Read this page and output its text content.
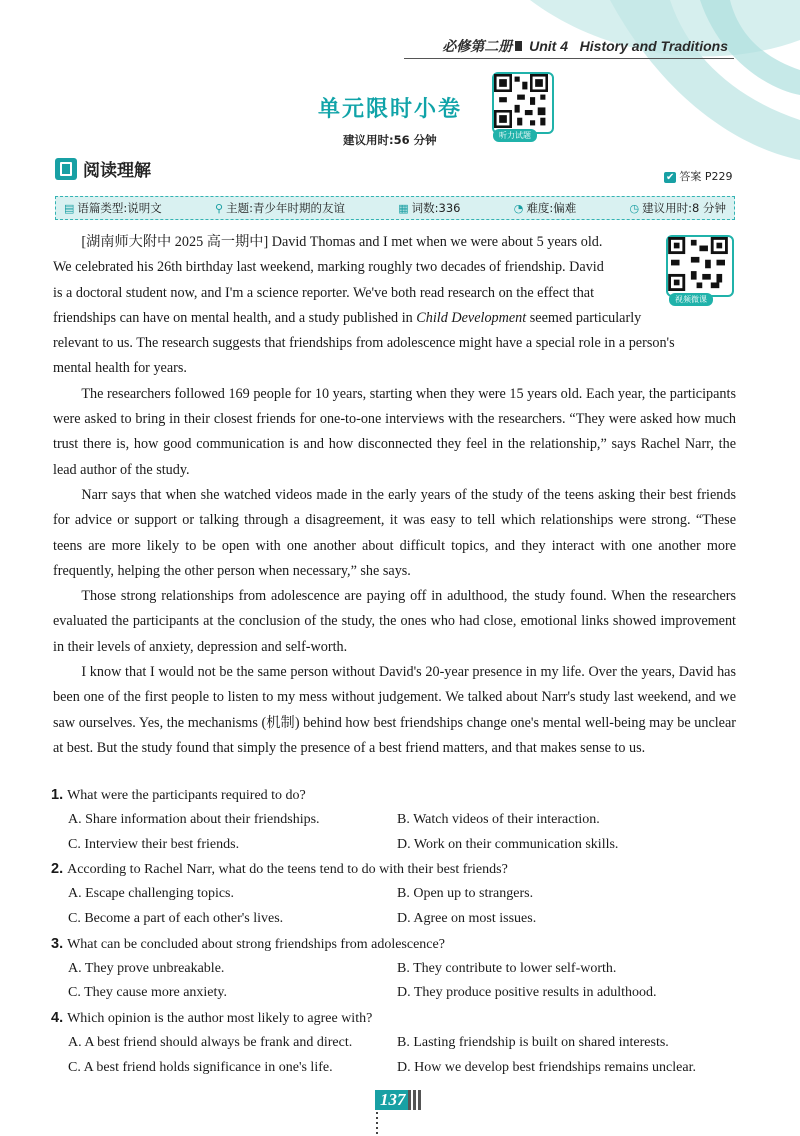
必修第二册 Unit 4 History and Traditions
单元限时小卷
建议用时:56 分钟	听力试题
阅读理解	✔ 答案 P229
▤ 语篇类型:说明文	⚲ 主题:青少年时期的友谊	▦ 词数:336	◔ 难度:偏难	◷ 建议用时:8 分钟
视频微课

[湖南师大附中 2025 高一期中] David Thomas and I met when we were about 5 years old.
We celebrated his 26th birthday last weekend, marking roughly two decades of friendship. David
is a doctoral student now, and I'm a science reporter. We've both read research on the effect that

friendships can have on mental health, and a study published in Child Development seemed particularly
relevant to us. The research suggests that friendships from adolescence might have a special role in a person's
mental health for years.

The researchers followed 169 people for 10 years, starting when they were 15 years old. Each year, the participants were asked to bring in their closest friends for one-to-one interviews with the researchers. “They were asked how much trust there is, how good communication is and how disconnected they feel in the relationship,” says Rachel Narr, the lead author of the study.

Narr says that when she watched videos made in the early years of the study of the teens asking their best friends for advice or support or talking through a disagreement, it was easy to tell which relationships were strong. “These teens are more likely to be open with one another about difficult topics, and they interact with one another more frequently, helping the other person when necessary,” she says.

Those strong relationships from adolescence are paying off in adulthood, the study found. When the researchers evaluated the participants at the conclusion of the study, the ones who had close, emotional links showed improvement in their levels of anxiety, depression and self-worth.

I know that I would not be the same person without David's 20-year presence in my life. Over the years, David has been one of the first people to listen to my mess without judgement. We talked about Narr's study last weekend, and we saw ourselves. Yes, the mechanisms (机制) behind how best friendships change one's mental well-being may be unclear at best. But the study found that simply the presence of a best friend matters, and that makes sense to us.

1. What were the participants required to do?
A. Share information about their friendships.	B. Watch videos of their interaction.
C. Interview their best friends.	D. Work on their communication skills.
2. According to Rachel Narr, what do the teens tend to do with their best friends?
A. Escape challenging topics.	B. Open up to strangers.
C. Become a part of each other's lives.	D. Agree on most issues.
3. What can be concluded about strong friendships from adolescence?
A. They prove unbreakable.	B. They contribute to lower self-worth.
C. They cause more anxiety.	D. They produce positive results in adulthood.
4. Which opinion is the author most likely to agree with?
A. A best friend should always be frank and direct.	B. Lasting friendship is built on shared interests.
C. A best friend holds significance in one's life.	D. How we develop best friendships remains unclear.
137
